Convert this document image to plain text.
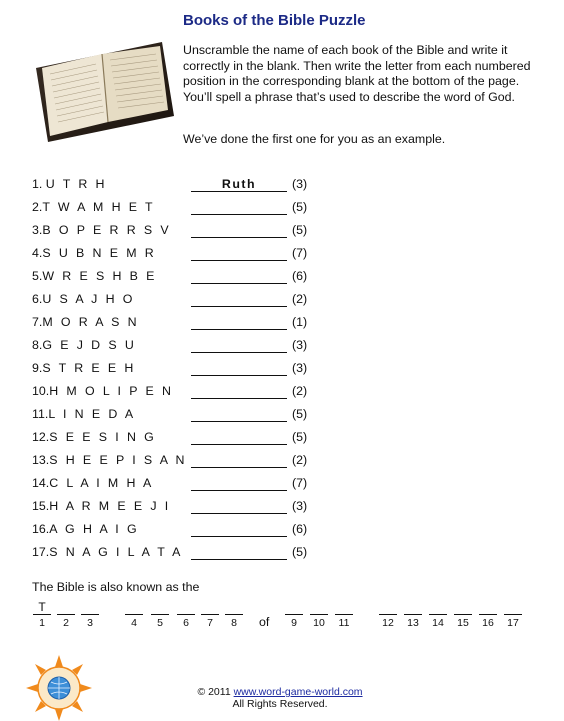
Books of the Bible Puzzle

Unscramble the name of each book of the Bible and write it correctly in the blank. Then write the letter from each numbered position in the corresponding blank at the bottom of the page. You’ll spell a phrase that’s used to describe the word of God.

We’ve done the first one for you as an example.

1. U T R H	Ruth	(3)
2.T W A M H E T	(5)
3.B O P E R R S V	(5)
4.S U B N E M R	(7)
5.W R E S H B E	(6)
6.U S A J H O	(2)
7.M O R A S N	(1)
8.G E J D S U	(3)
9.S T R E E H	(3)
10.H M O L I P E N	(2)
11.L I N E D A	(5)
12.S E E S I N G	(5)
13.S H E E P I S A N	(2)
14.C L A I M H A	(7)
15.H A R M E E J I	(3)
16.A G H A I G	(6)
17.S N A G I L A T A	(5)
The Bible is also known as the
T
1	2	3	4	5	6	7	8	of	9	10	11	12	13	14	15	16	17
© 2011 www.word-game-world.com
All Rights Reserved.
